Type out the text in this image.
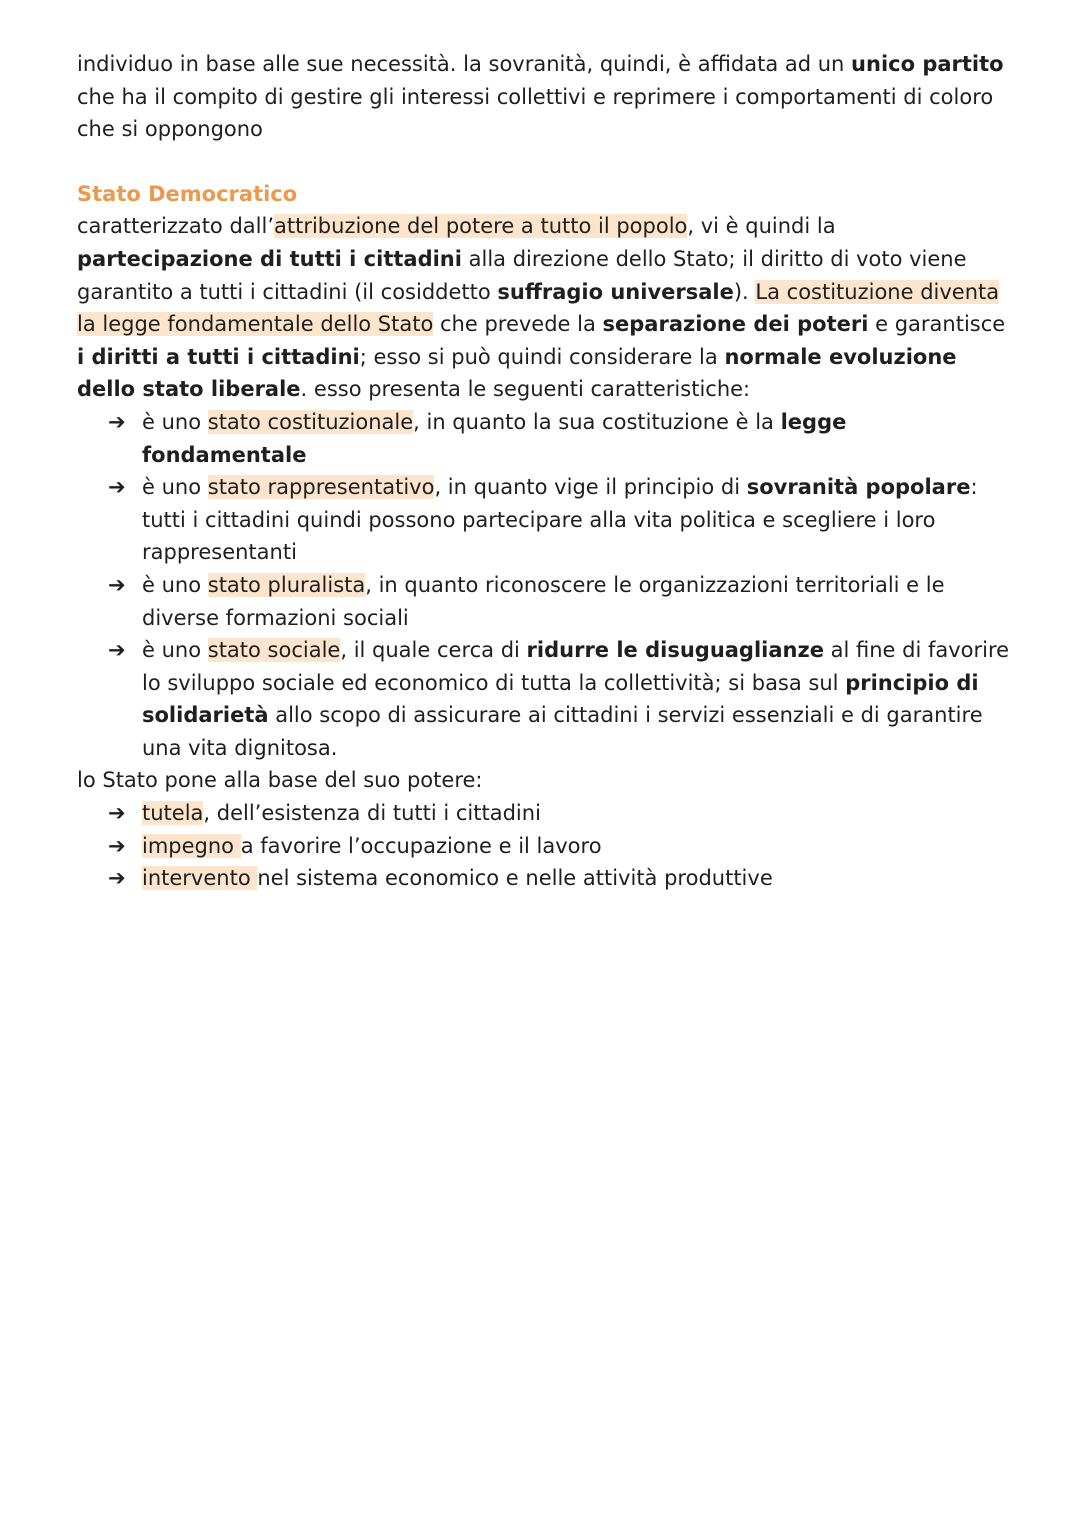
individuo in base alle sue necessità. la sovranità, quindi, è affidata ad un unico partito che ha il compito di gestire gli interessi collettivi e reprimere i comportamenti di coloro che si oppongono

Stato Democratico

caratterizzato dall’attribuzione del potere a tutto il popolo, vi è quindi la partecipazione di tutti i cittadini alla direzione dello Stato; il diritto di voto viene garantito a tutti i cittadini (il cosiddetto suffragio universale). La costituzione diventa la legge fondamentale dello Stato che prevede la separazione dei poteri e garantisce i diritti a tutti i cittadini; esso si può quindi considerare la normale evoluzione dello stato liberale. esso presenta le seguenti caratteristiche:

➔ è uno stato costituzionale, in quanto la sua costituzione è la legge fondamentale
➔ è uno stato rappresentativo, in quanto vige il principio di sovranità popolare: tutti i cittadini quindi possono partecipare alla vita politica e scegliere i loro rappresentanti
➔ è uno stato pluralista, in quanto riconoscere le organizzazioni territoriali e le diverse formazioni sociali
➔ è uno stato sociale, il quale cerca di ridurre le disuguaglianze al fine di favorire lo sviluppo sociale ed economico di tutta la collettività; si basa sul principio di solidarietà allo scopo di assicurare ai cittadini i servizi essenziali e di garantire una vita dignitosa.

lo Stato pone alla base del suo potere:

➔ tutela, dell’esistenza di tutti i cittadini
➔ impegno a favorire l’occupazione e il lavoro
➔ intervento nel sistema economico e nelle attività produttive
